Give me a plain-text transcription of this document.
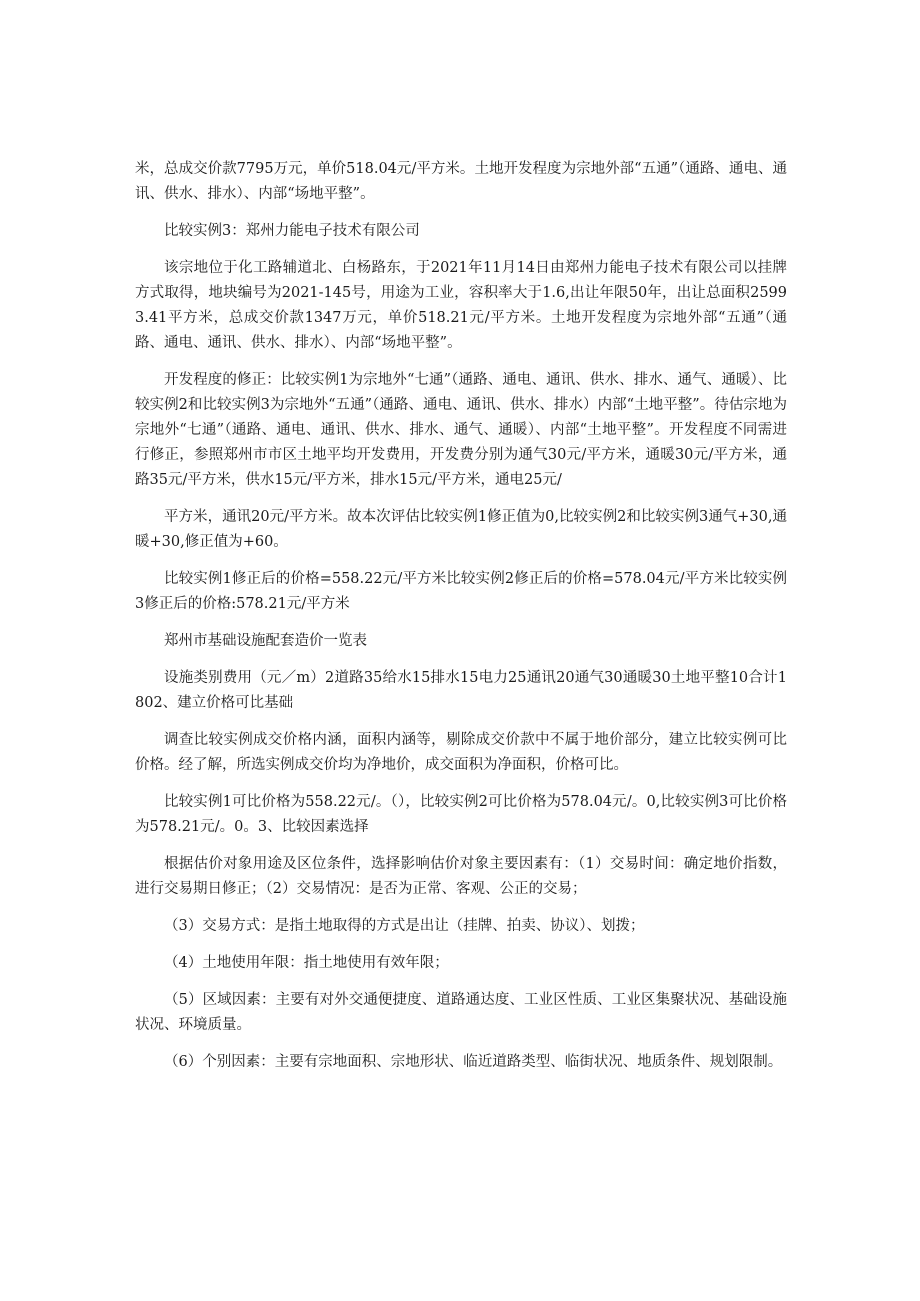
米，总成交价款7795万元，单价518.04元/平方米。土地开发程度为宗地外部“五通”（通路、通电、通讯、供水、排水）、内部“场地平整”。

比较实例3：郑州力能电子技术有限公司

该宗地位于化工路辅道北、白杨路东，于2021年11月14日由郑州力能电子技术有限公司以挂牌方式取得，地块编号为2021-145号，用途为工业，容积率大于1.6,出让年限50年，出让总面积25993.41平方米，总成交价款1347万元，单价518.21元/平方米。土地开发程度为宗地外部“五通”（通路、通电、通讯、供水、排水）、内部“场地平整”。

开发程度的修正：比较实例1为宗地外“七通”（通路、通电、通讯、供水、排水、通气、通暖）、比较实例2和比较实例3为宗地外“五通”（通路、通电、通讯、供水、排水）内部“土地平整”。待估宗地为宗地外“七通”（通路、通电、通讯、供水、排水、通气、通暖）、内部“土地平整”。开发程度不同需进行修正，参照郑州市市区土地平均开发费用，开发费分别为通气30元/平方米，通暖30元/平方米，通路35元/平方米，供水15元/平方米，排水15元/平方米，通电25元/

平方米，通讯20元/平方米。故本次评估比较实例1修正值为0,比较实例2和比较实例3通气+30,通暖+30,修正值为+60。

比较实例1修正后的价格=558.22元/平方米比较实例2修正后的价格=578.04元/平方米比较实例3修正后的价格:578.21元/平方米

郑州市基础设施配套造价一览表

设施类别费用（元／m）2道路35给水15排水15电力25通讯20通气30通暖30土地平整10合计1802、建立价格可比基础

调查比较实例成交价格内涵，面积内涵等，剔除成交价款中不属于地价部分，建立比较实例可比价格。经了解，所选实例成交价均为净地价，成交面积为净面积，价格可比。

比较实例1可比价格为558.22元/。（），比较实例2可比价格为578.04元/。0,比较实例3可比价格为578.21元/。0。3、比较因素选择

根据估价对象用途及区位条件，选择影响估价对象主要因素有：（1）交易时间：确定地价指数，进行交易期日修正；（2）交易情况：是否为正常、客观、公正的交易；

（3）交易方式：是指土地取得的方式是出让（挂牌、拍卖、协议）、划拨；

（4）土地使用年限：指土地使用有效年限；

（5）区域因素：主要有对外交通便捷度、道路通达度、工业区性质、工业区集聚状况、基础设施状况、环境质量。

（6）个别因素：主要有宗地面积、宗地形状、临近道路类型、临街状况、地质条件、规划限制。
